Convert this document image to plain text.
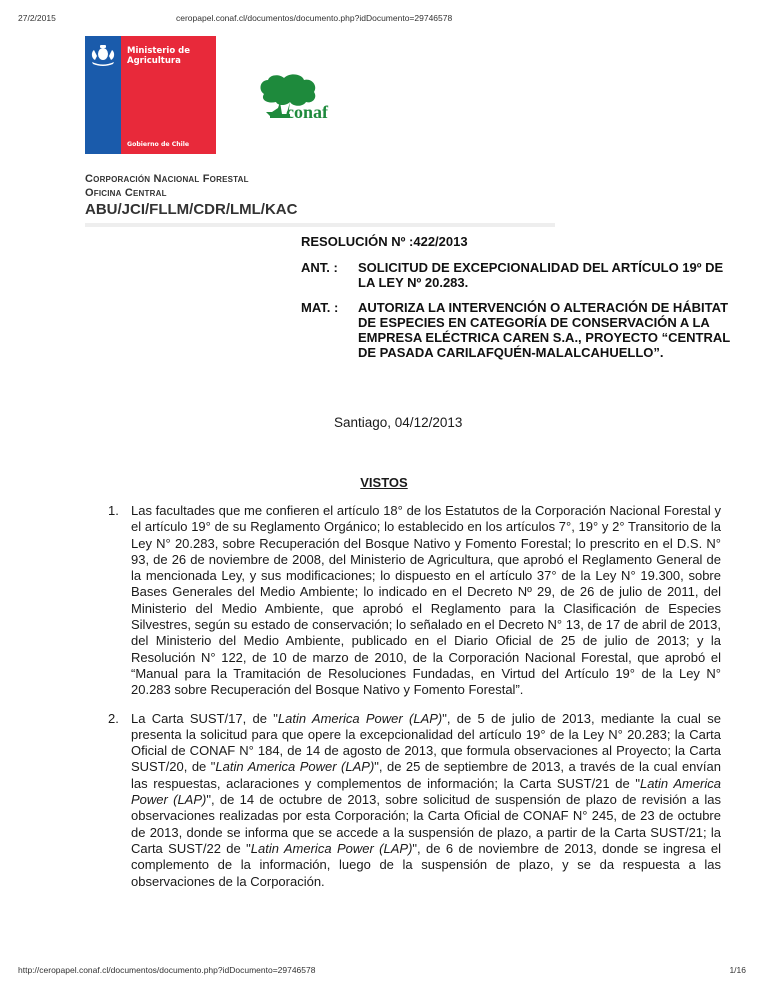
27/2/2015	ceropapel.conaf.cl/documentos/documento.php?idDocumento=29746578
Ministerio de
Agricultura
Gobierno de Chile
conaf
Corporación Nacional Forestal
Oficina Central
ABU/JCI/FLLM/CDR/LML/KAC
RESOLUCIÓN Nº :422/2013
ANT. :	SOLICITUD DE EXCEPCIONALIDAD DEL ARTÍCULO 19º DE LA LEY Nº 20.283.
MAT. :	AUTORIZA LA INTERVENCIÓN O ALTERACIÓN DE HÁBITAT DE ESPECIES EN CATEGORÍA DE CONSERVACIÓN A LA EMPRESA ELÉCTRICA CAREN S.A., PROYECTO “CENTRAL DE PASADA CARILAFQUÉN-MALALCAHUELLO”.
Santiago, 04/12/2013
VISTOS
1. Las facultades que me confieren el artículo 18° de los Estatutos de la Corporación Nacional Forestal y el artículo 19° de su Reglamento Orgánico; lo establecido en los artículos 7°, 19° y 2° Transitorio de la Ley N° 20.283, sobre Recuperación del Bosque Nativo y Fomento Forestal; lo prescrito en el D.S. N° 93, de 26 de noviembre de 2008, del Ministerio de Agricultura, que aprobó el Reglamento General de la mencionada Ley, y sus modificaciones; lo dispuesto en el artículo 37° de la Ley N° 19.300, sobre Bases Generales del Medio Ambiente; lo indicado en el Decreto Nº 29, de 26 de julio de 2011, del Ministerio del Medio Ambiente, que aprobó el Reglamento para la Clasificación de Especies Silvestres, según su estado de conservación; lo señalado en el Decreto N° 13, de 17 de abril de 2013, del Ministerio del Medio Ambiente, publicado en el Diario Oficial de 25 de julio de 2013; y la Resolución N° 122, de 10 de marzo de 2010, de la Corporación Nacional Forestal, que aprobó el “Manual para la Tramitación de Resoluciones Fundadas, en Virtud del Artículo 19° de la Ley N° 20.283 sobre Recuperación del Bosque Nativo y Fomento Forestal”.
2. La Carta SUST/17, de "Latin America Power (LAP)", de 5 de julio de 2013, mediante la cual se presenta la solicitud para que opere la excepcionalidad del artículo 19° de la Ley N° 20.283; la Carta Oficial de CONAF N° 184, de 14 de agosto de 2013, que formula observaciones al Proyecto; la Carta SUST/20, de "Latin America Power (LAP)", de 25 de septiembre de 2013, a través de la cual envían las respuestas, aclaraciones y complementos de información; la Carta SUST/21 de "Latin America Power (LAP)", de 14 de octubre de 2013, sobre solicitud de suspensión de plazo de revisión a las observaciones realizadas por esta Corporación; la Carta Oficial de CONAF N° 245, de 23 de octubre de 2013, donde se informa que se accede a la suspensión de plazo, a partir de la Carta SUST/21; la Carta SUST/22 de "Latin America Power (LAP)", de 6 de noviembre de 2013, donde se ingresa el complemento de la información, luego de la suspensión de plazo, y se da respuesta a las observaciones de la Corporación.
http://ceropapel.conaf.cl/documentos/documento.php?idDocumento=29746578	1/16
